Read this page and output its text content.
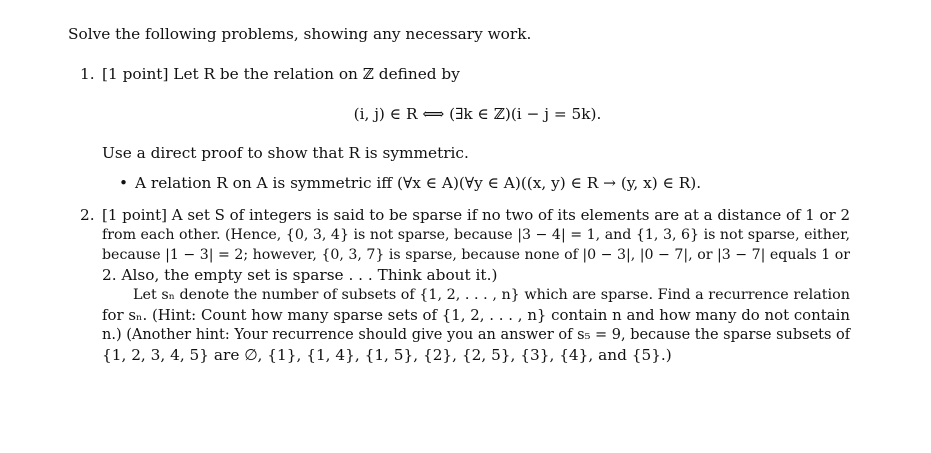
Solve the following problems, showing any necessary work.
1. [1 point] Let R be the relation on ℤ defined by
(i, j) ∈ R ⟺ (∃k ∈ ℤ)(i − j = 5k).
Use a direct proof to show that R is symmetric.
• A relation R on A is symmetric iff (∀x ∈ A)(∀y ∈ A)((x, y) ∈ R → (y, x) ∈ R).
2. [1 point] A set S of integers is said to be sparse if no two of its elements are at a distance of 1 or 2
from each other. (Hence, {0, 3, 4} is not sparse, because |3 − 4| = 1, and {1, 3, 6} is not sparse, either,
because |1 − 3| = 2; however, {0, 3, 7} is sparse, because none of |0 − 3|, |0 − 7|, or |3 − 7| equals 1 or
2. Also, the empty set is sparse . . . Think about it.)
Let sₙ denote the number of subsets of {1, 2, . . . , n} which are sparse. Find a recurrence relation
for sₙ. (Hint: Count how many sparse sets of {1, 2, . . . , n} contain n and how many do not contain
n.) (Another hint: Your recurrence should give you an answer of s₅ = 9, because the sparse subsets of
{1, 2, 3, 4, 5} are ∅, {1}, {1, 4}, {1, 5}, {2}, {2, 5}, {3}, {4}, and {5}.)
